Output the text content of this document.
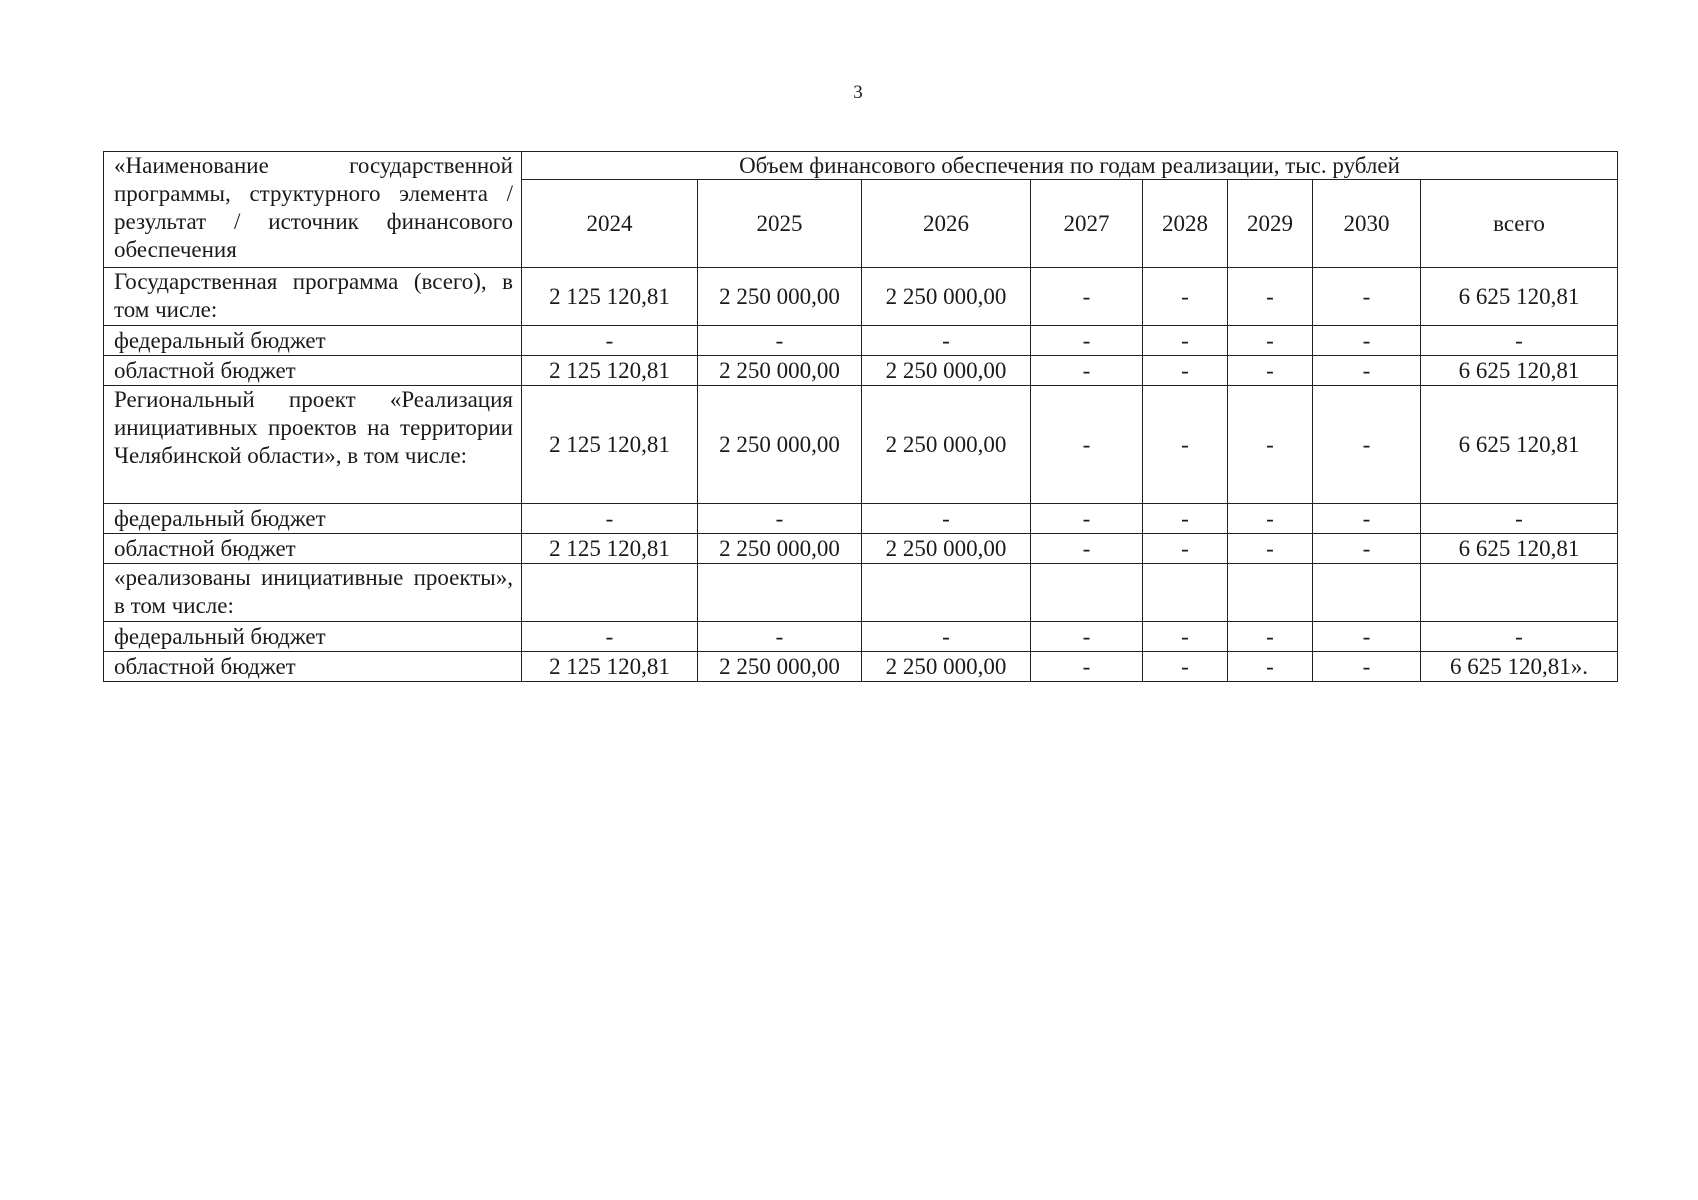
3
«Наименование государственной программы, структурного элемента / результат / источник финансового обеспечения	Объем финансового обеспечения по годам реализации, тыс. рублей							
	2024	2025	2026	2027	2028	2029	2030	всего
Государственная программа (всего), в том числе:	2 125 120,81	2 250 000,00	2 250 000,00	-	-	-	-	6 625 120,81
федеральный бюджет	-	-	-	-	-	-	-	-
областной бюджет	2 125 120,81	2 250 000,00	2 250 000,00	-	-	-	-	6 625 120,81
Региональный проект «Реализация инициативных проектов на территории Челябинской области», в том числе:	2 125 120,81	2 250 000,00	2 250 000,00	-	-	-	-	6 625 120,81
федеральный бюджет	-	-	-	-	-	-	-	-
областной бюджет	2 125 120,81	2 250 000,00	2 250 000,00	-	-	-	-	6 625 120,81
«реализованы инициативные проекты», в том числе:								
федеральный бюджет	-	-	-	-	-	-	-	-
областной бюджет	2 125 120,81	2 250 000,00	2 250 000,00	-	-	-	-	6 625 120,81».
